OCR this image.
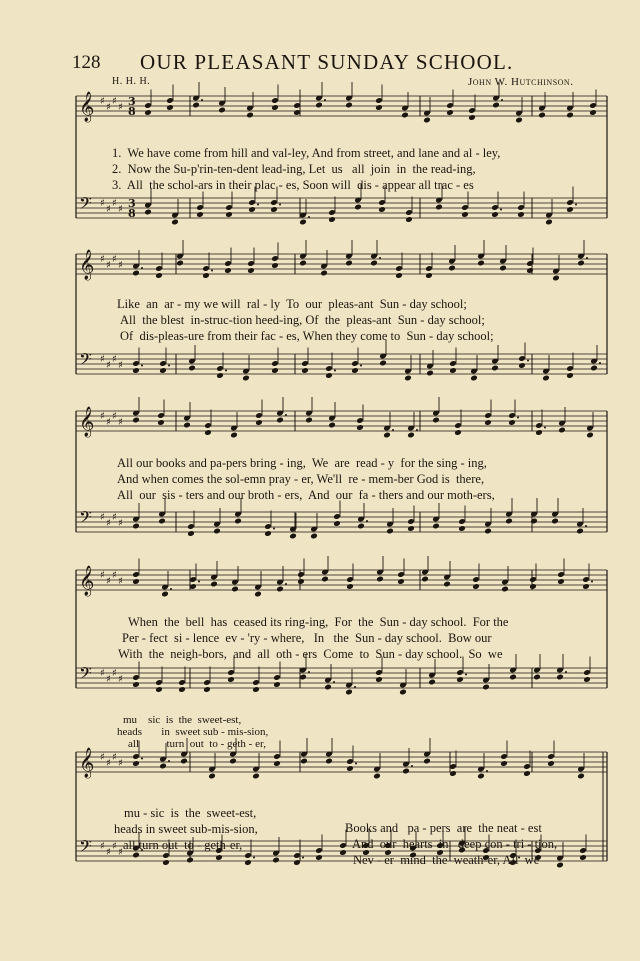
𝄞 ♯
♯
♯
♯
𝄢 ♯
♯
♯
♯
𝄞 ♯
♯
♯
♯
𝄢 ♯
♯
♯
♯
𝄞 ♯
♯
♯
♯
𝄢 ♯
♯
♯
♯
𝄞 ♯
♯
♯
♯
𝄢 ♯
♯
♯
♯
𝄞 ♯
♯
♯
♯
𝄢 ♯
♯
♯
♯
3
8
3
8
128 OUR PLEASANT SUNDAY SCHOOL.
H. H. H.	John W. Hutchinson.
1.  We have come from hill and val-ley, And from street, and lane and al - ley,
2.  Now the Su-p'rin-ten-dent lead-ing, Let  us   all  join  in  the read-ing,
3.  All  the schol-ars in their plac - es, Soon will  dis - appear all trac - es
Like  an  ar - my we will  ral - ly  To  our  pleas-ant  Sun - day school;
All  the blest  in-struc-tion heed-ing, Of  the  pleas-ant  Sun - day school;
Of  dis-pleas-ure from their fac - es, When they come to  Sun - day school;
All our books and pa-pers bring - ing,  We  are  read - y  for the sing - ing,
And when comes the sol-emn pray - er, We'll  re - mem-ber God is  there,
All  our  sis - ters and our broth - ers,  And  our  fa - thers and our moth-ers,
When  the  bell  has  ceased its ring-ing,  For  the  Sun - day school.  For the
Per - fect  si - lence  ev - 'ry - where,   In   the  Sun - day school.  Bow our
With  the  neigh-bors,  and  all  oth - ers  Come  to  Sun - day school.  So  we
mu    sic  is  the  sweet-est,
heads       in  sweet sub - mis-sion,
all          turn  out  to - geth - er,

mu - sic  is  the  sweet-est,

Books and   pa - pers  are  the neat - est

heads in sweet sub-mis-sion,

And  our  hearts  in   deep con - tri - tion,

all turn out  to - geth-er,

Nev - er  mind  the  weath-er, All  we
